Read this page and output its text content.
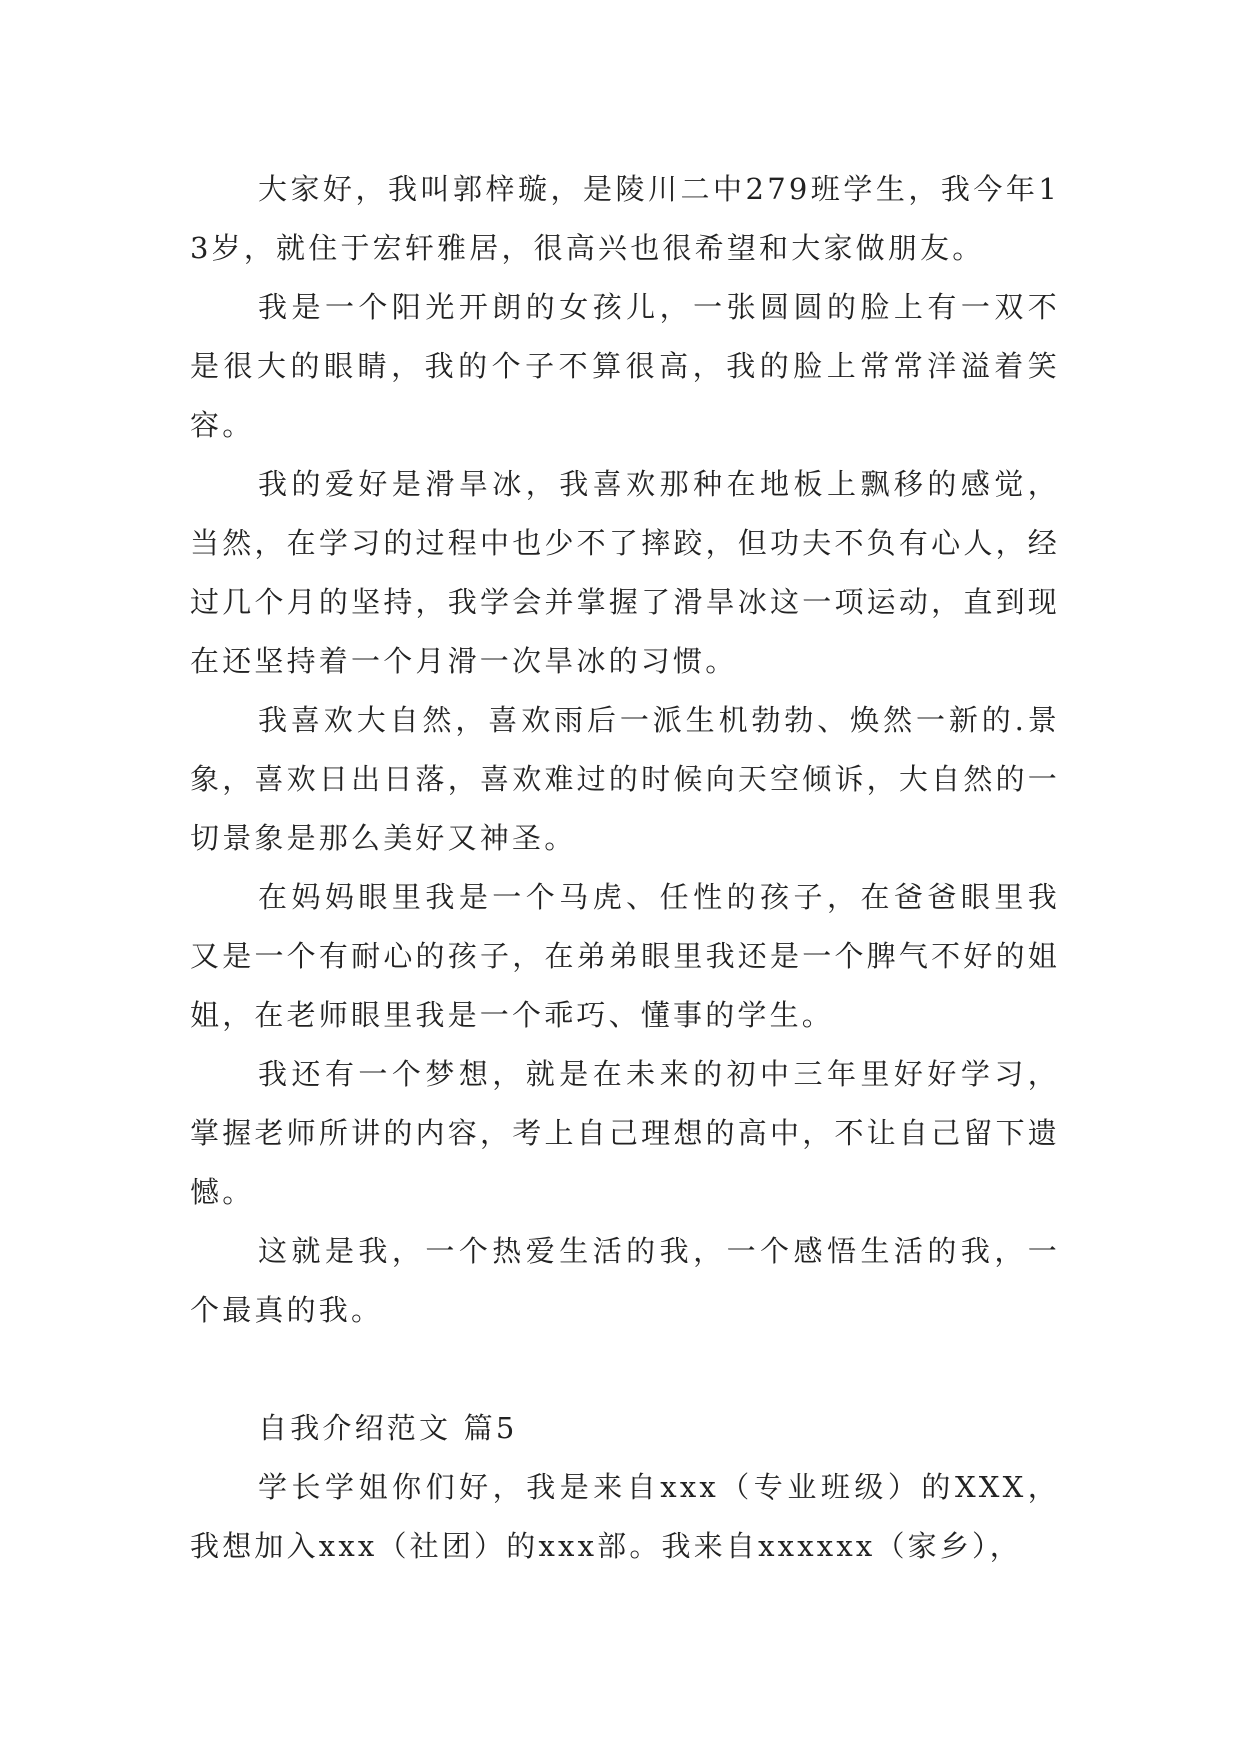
大家好，我叫郭梓璇，是陵川二中279班学生，我今年13岁，就住于宏轩雅居，很高兴也很希望和大家做朋友。

我是一个阳光开朗的女孩儿，一张圆圆的脸上有一双不是很大的眼睛，我的个子不算很高，我的脸上常常洋溢着笑容。

我的爱好是滑旱冰，我喜欢那种在地板上飘移的感觉，当然，在学习的过程中也少不了摔跤，但功夫不负有心人，经过几个月的坚持，我学会并掌握了滑旱冰这一项运动，直到现在还坚持着一个月滑一次旱冰的习惯。

我喜欢大自然，喜欢雨后一派生机勃勃、焕然一新的.景象，喜欢日出日落，喜欢难过的时候向天空倾诉，大自然的一切景象是那么美好又神圣。

在妈妈眼里我是一个马虎、任性的孩子，在爸爸眼里我又是一个有耐心的孩子，在弟弟眼里我还是一个脾气不好的姐姐，在老师眼里我是一个乖巧、懂事的学生。

我还有一个梦想，就是在未来的初中三年里好好学习，掌握老师所讲的内容，考上自己理想的高中，不让自己留下遗憾。

这就是我，一个热爱生活的我，一个感悟生活的我，一个最真的我。

自我介绍范文 篇5

学长学姐你们好，我是来自xxx（专业班级）的XXX，我想加入xxx（社团）的xxx部。我来自xxxxxx（家乡），
